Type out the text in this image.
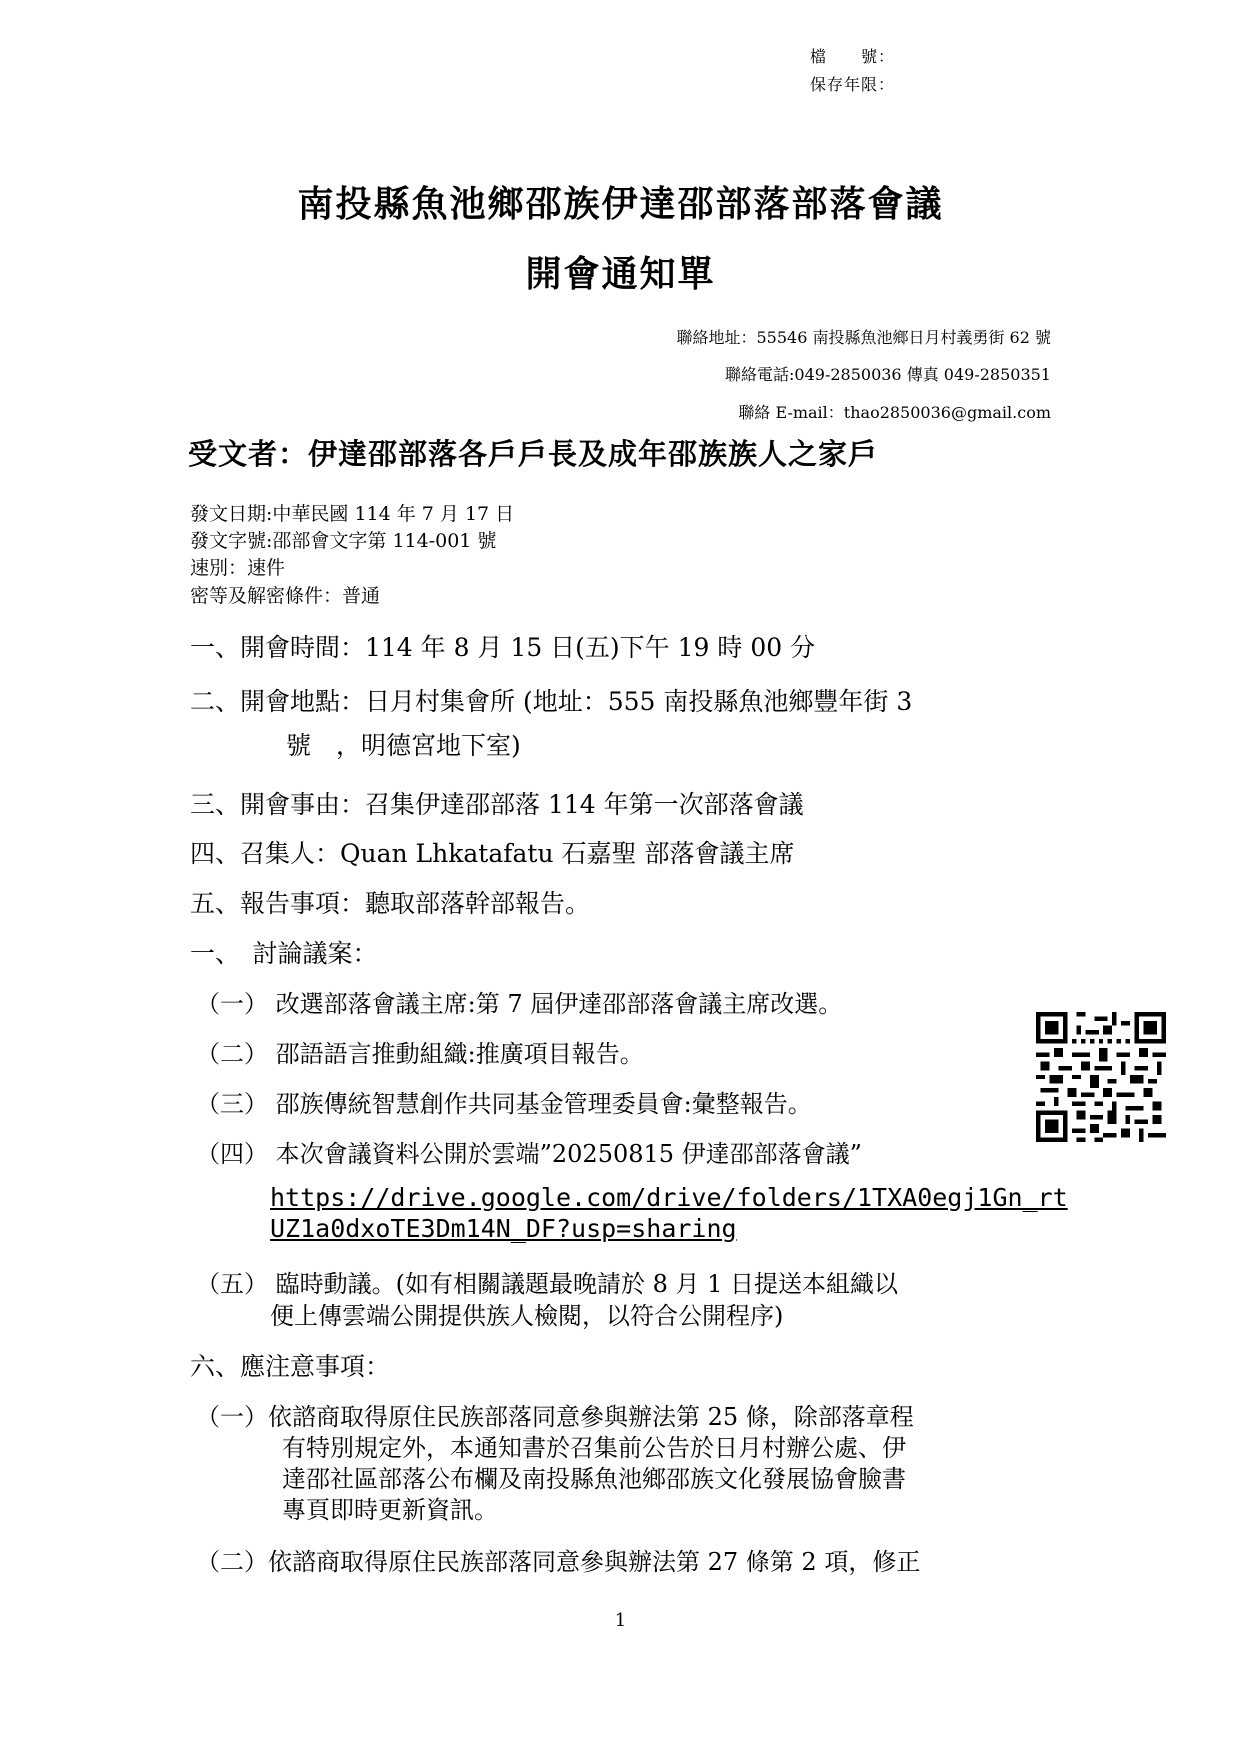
檔　　號：
保存年限：
南投縣魚池鄉邵族伊達邵部落部落會議
開會通知單
聯絡地址：55546 南投縣魚池鄉日月村義勇街 62 號
聯絡電話:049-2850036 傳真 049-2850351
聯絡 E-mail：thao2850036@gmail.com
受文者：伊達邵部落各戶戶長及成年邵族族人之家戶
發文日期:中華民國 114 年 7 月 17 日
發文字號:邵部會文字第 114-001 號
速別：速件
密等及解密條件：普通
一、開會時間：114 年 8 月 15 日(五)下午 19 時 00 分
二、開會地點：日月村集會所 (地址：555 南投縣魚池鄉豐年街 3
號　，明德宮地下室)
三、開會事由：召集伊達邵部落 114 年第一次部落會議
四、召集人：Quan Lhkatafatu 石嘉聖 部落會議主席
五、報告事項：聽取部落幹部報告。
一、　討論議案：
（一） 改選部落會議主席:第 7 屆伊達邵部落會議主席改選。
（二） 邵語語言推動組織:推廣項目報告。
（三） 邵族傳統智慧創作共同基金管理委員會:彙整報告。
（四） 本次會議資料公開於雲端”20250815 伊達邵部落會議”
https://drive.google.com/drive/folders/1TXA0egj1Gn_rt
UZ1a0dxoTE3Dm14N_DF?usp=sharing
（五） 臨時動議。(如有相關議題最晚請於 8 月 1 日提送本組織以
便上傳雲端公開提供族人檢閱，以符合公開程序)
六、應注意事項：
（一）依諮商取得原住民族部落同意參與辦法第 25 條，除部落章程
有特別規定外，本通知書於召集前公告於日月村辦公處、伊
達邵社區部落公布欄及南投縣魚池鄉邵族文化發展協會臉書
專頁即時更新資訊。
（二）依諮商取得原住民族部落同意參與辦法第 27 條第 2 項，修正
1
